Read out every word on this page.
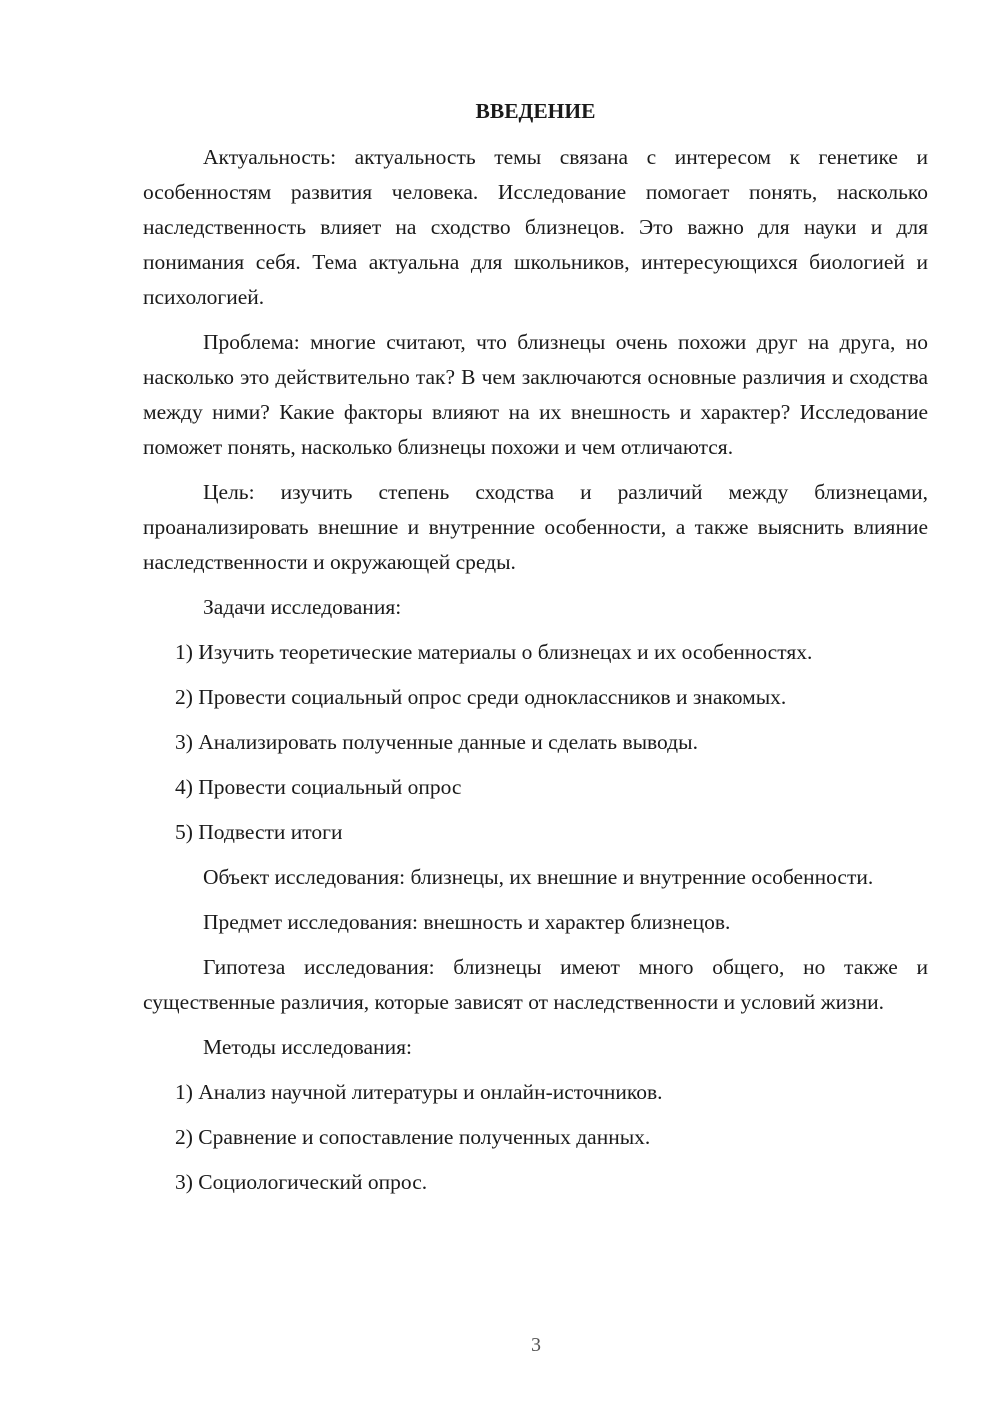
ВВЕДЕНИЕ

Актуальность: актуальность темы связана с интересом к генетике и особенностям развития человека. Исследование помогает понять, насколько наследственность влияет на сходство близнецов. Это важно для науки и для понимания себя. Тема актуальна для школьников, интересующихся биологией и психологией.

Проблема: многие считают, что близнецы очень похожи друг на друга, но насколько это действительно так? В чем заключаются основные различия и сходства между ними? Какие факторы влияют на их внешность и характер? Исследование поможет понять, насколько близнецы похожи и чем отличаются.

Цель: изучить степень сходства и различий между близнецами, проанализировать внешние и внутренние особенности, а также выяснить влияние наследственности и окружающей среды.

Задачи исследования:

1) Изучить теоретические материалы о близнецах и их особенностях.

2) Провести социальный опрос среди одноклассников и знакомых.

3) Анализировать полученные данные и сделать выводы.

4) Провести социальный опрос

5) Подвести итоги

Объект исследования: близнецы, их внешние и внутренние особенности.

Предмет исследования: внешность и характер близнецов.

Гипотеза исследования: близнецы имеют много общего, но также и существенные различия, которые зависят от наследственности и условий жизни.

Методы исследования:

1) Анализ научной литературы и онлайн-источников.

2) Сравнение и сопоставление полученных данных.

3) Социологический опрос.

3
